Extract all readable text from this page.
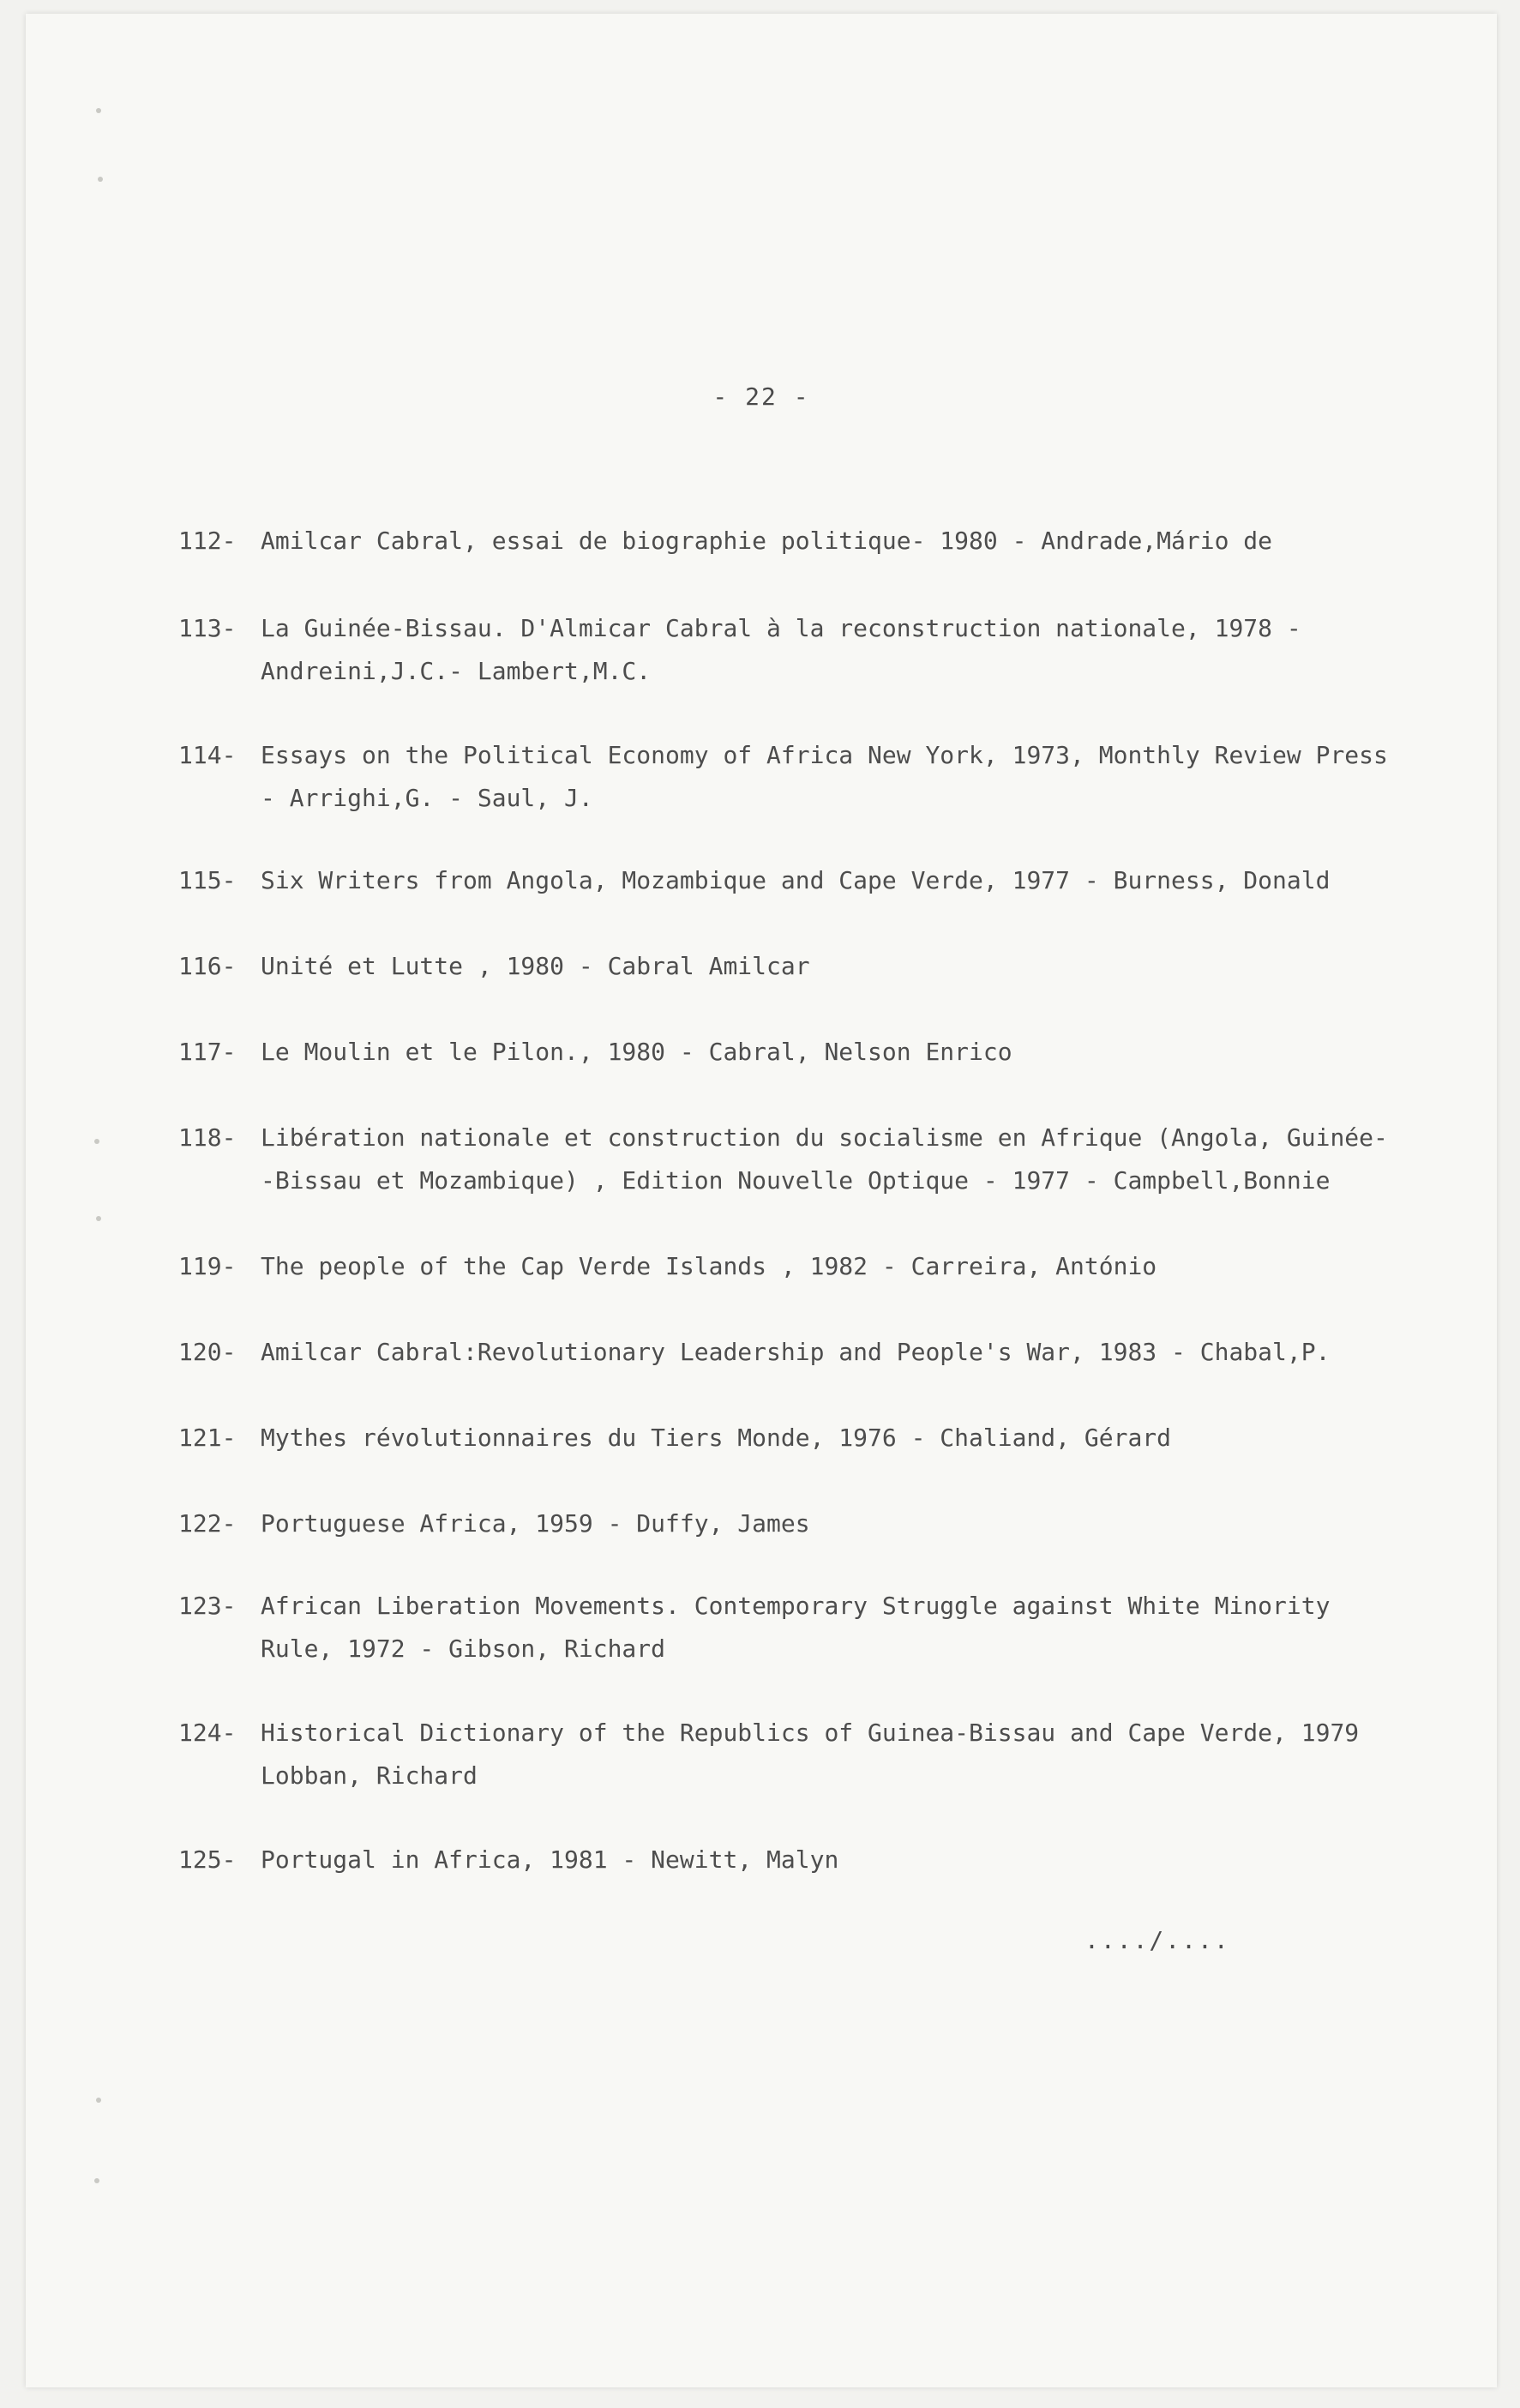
- 22 -
112-	Amilcar Cabral, essai de biographie politique- 1980 - Andrade,Mário de
113-	La Guinée-Bissau. D'Almicar Cabral à la reconstruction nationale, 1978 -
Andreini,J.C.- Lambert,M.C.
114-	Essays on the Political Economy of Africa New York, 1973, Monthly Review Press
- Arrighi,G. - Saul, J.
115-	Six Writers from Angola, Mozambique and Cape Verde, 1977 - Burness, Donald
116-	Unité et Lutte , 1980 - Cabral Amilcar
117-	Le Moulin et le Pilon., 1980 - Cabral, Nelson Enrico
118-	Libération nationale et construction du socialisme en Afrique (Angola, Guinée-
-Bissau et Mozambique) , Edition Nouvelle Optique - 1977 - Campbell,Bonnie
119-	The people of the Cap Verde Islands , 1982 - Carreira, António
120-	Amilcar Cabral:Revolutionary Leadership and People's War, 1983 - Chabal,P.
121-	Mythes révolutionnaires du Tiers Monde, 1976 - Chaliand, Gérard
122-	Portuguese Africa, 1959 - Duffy, James
123-	African Liberation Movements. Contemporary Struggle against White Minority
Rule, 1972 - Gibson, Richard
124-	Historical Dictionary of the Republics of Guinea-Bissau and Cape Verde, 1979
Lobban, Richard
125-	Portugal in Africa, 1981 - Newitt, Malyn
..../....
